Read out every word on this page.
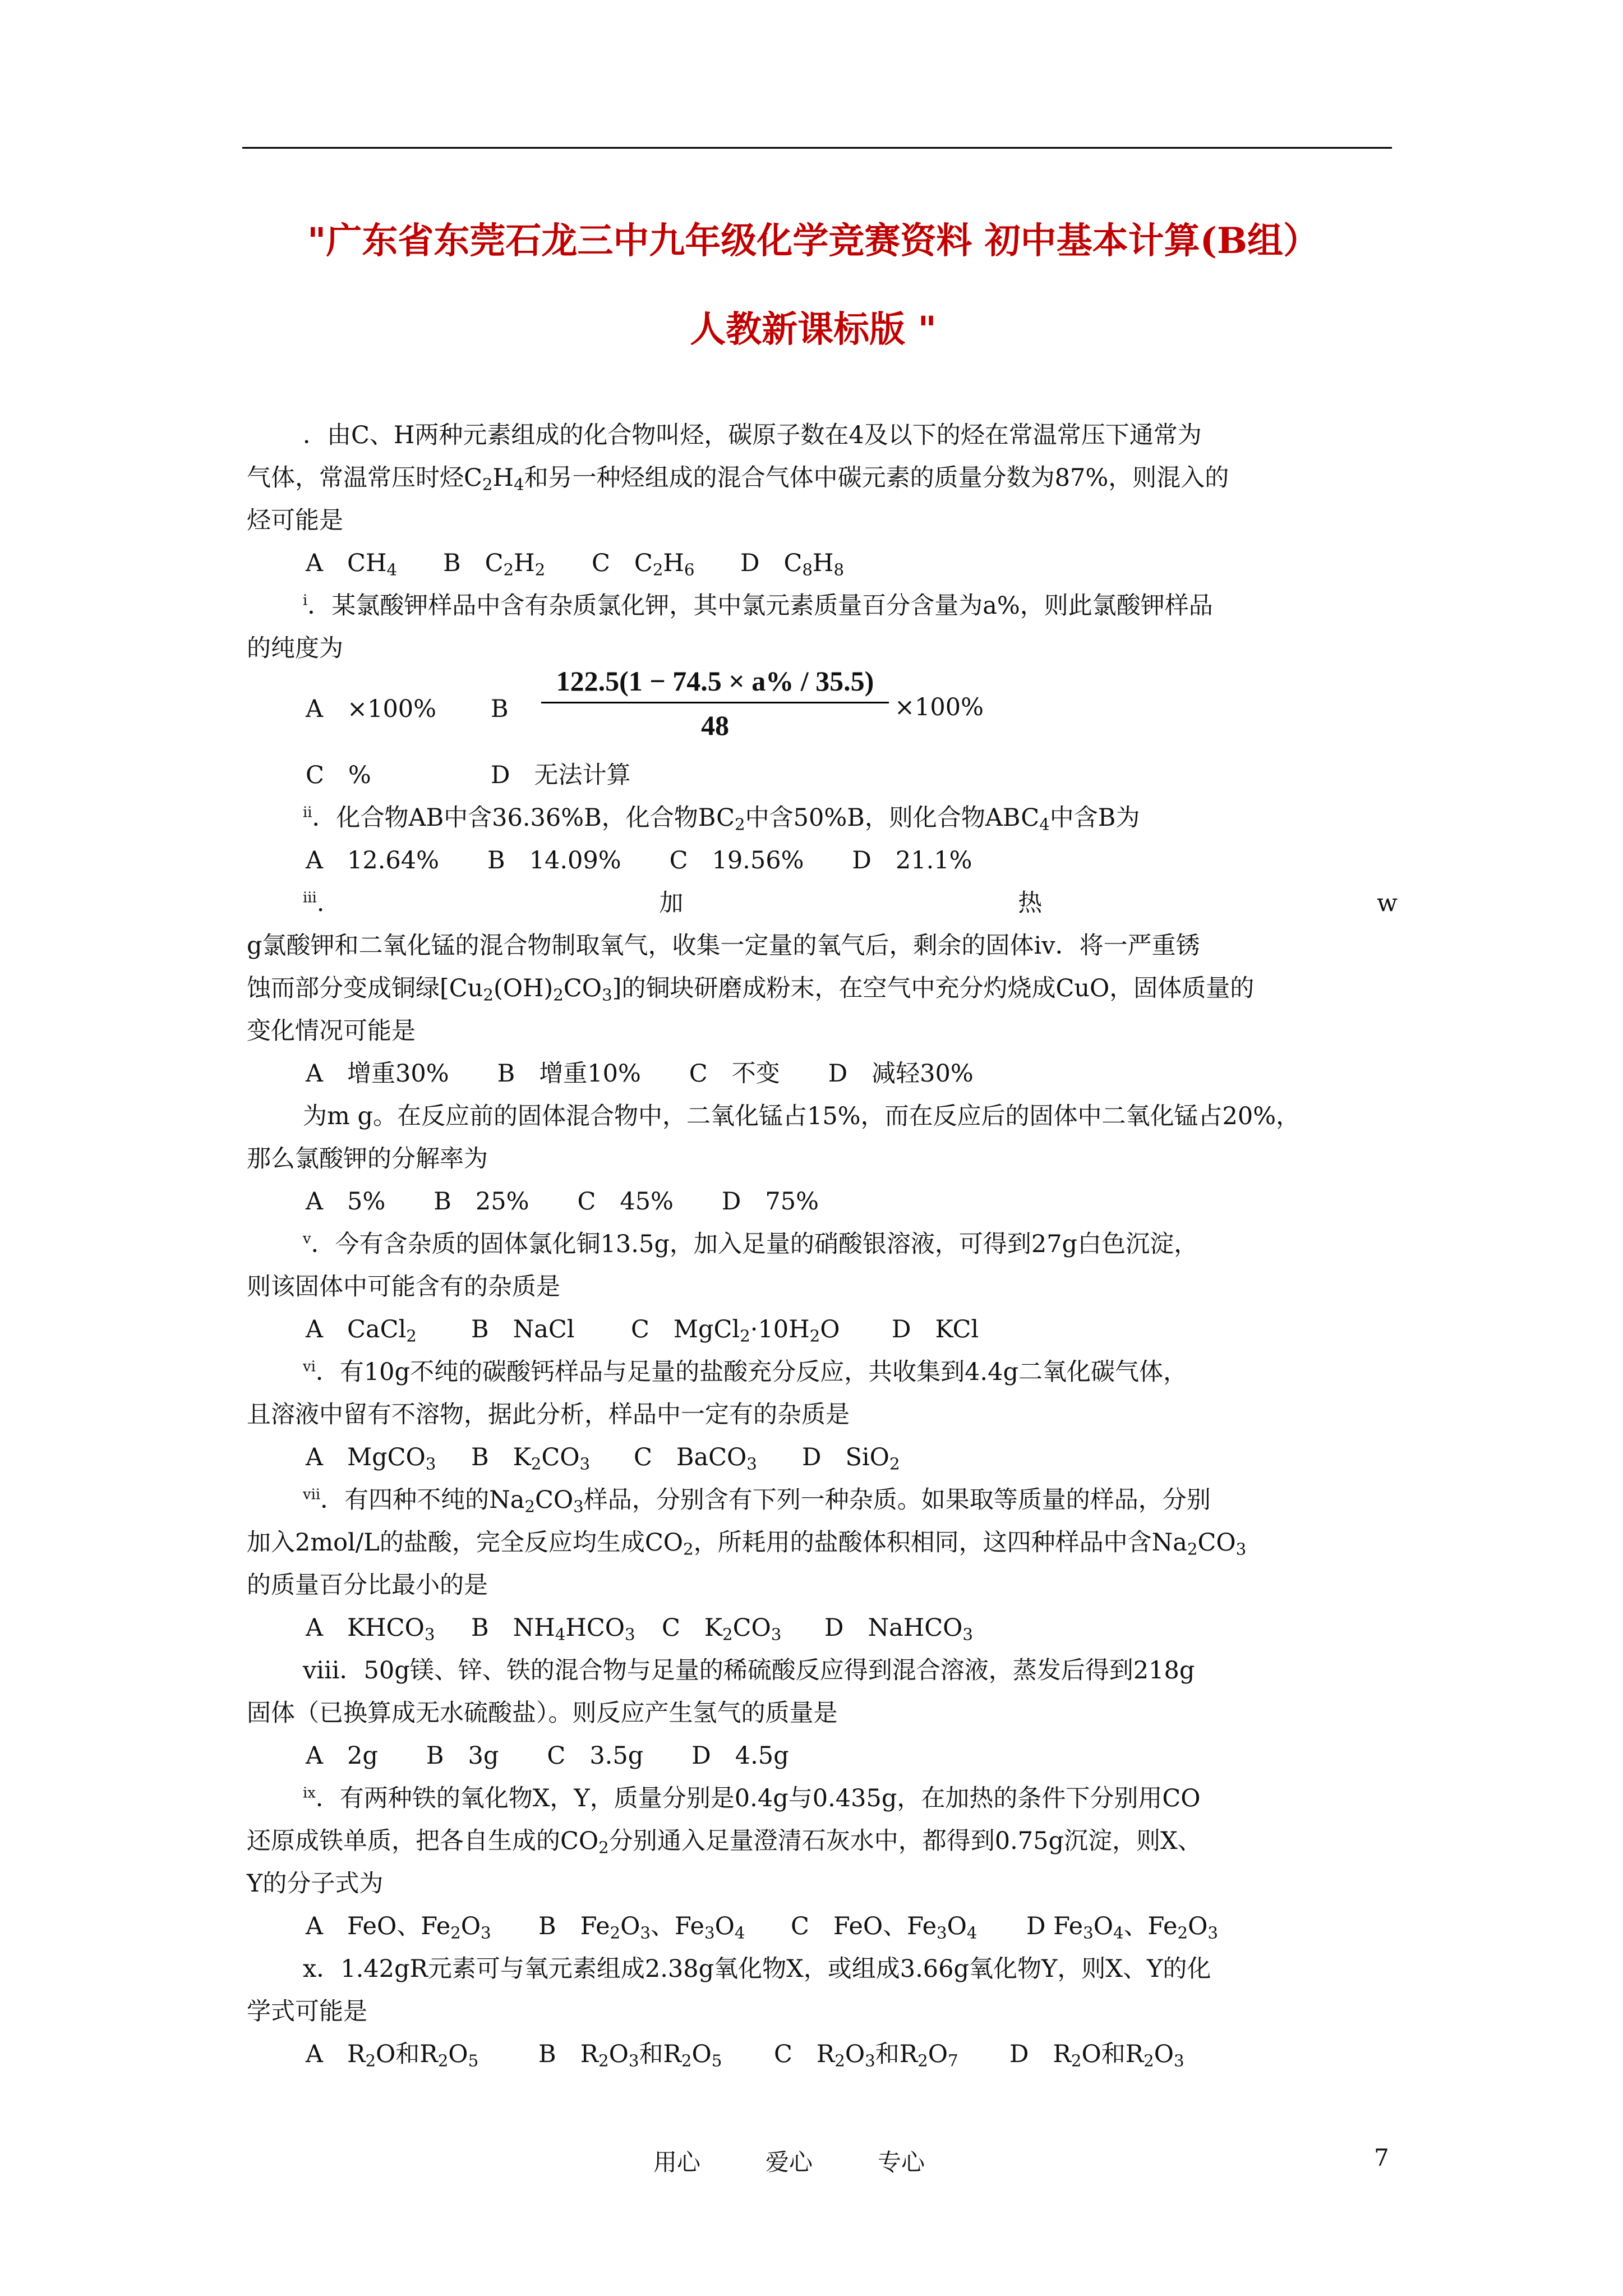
"广东省东莞石龙三中九年级化学竞赛资料 初中基本计算(B组）
人教新课标版 "
．由C、H两种元素组成的化合物叫烃，碳原子数在4及以下的烃在常温常压下通常为
气体，常温常压时烃$C_2H_4$和另一种烃组成的混合气体中碳元素的质量分数为87%，则混入的
烃可能是
A　$CH_4$ B　$C_2H_2$ C　$C_2H_6$ D　$C_8H_8$
$^i$．某氯酸钾样品中含有杂质氯化钾，其中氯元素质量百分含量为a%，则此氯酸钾样品
的纯度为
A　×100% B
122.5(1 − 74.5 × a% / 35.5)
48
×100%
C　%	D　无法计算
$^{ii}$．化合物AB中含36.36%B，化合物$BC_2$中含50%B，则化合物$ABC_4$中含B为
A　12.64%　　B　14.09%　　C　19.56%　　D　21.1%
$^{iii}$.	加	热	w
g氯酸钾和二氧化锰的混合物制取氧气，收集一定量的氧气后，剩余的固体iv．将一严重锈
蚀而部分变成铜绿$[Cu_2(OH)_2CO_3]$的铜块研磨成粉末，在空气中充分灼烧成CuO，固体质量的
变化情况可能是
A　增重30%　　B　增重10%　　C　不变　　D　减轻30%
为m g。在反应前的固体混合物中，二氧化锰占15%，而在反应后的固体中二氧化锰占20%，
那么氯酸钾的分解率为
A　5%　　B　25%　　C　45%　　D　75%
$^v$．今有含杂质的固体氯化铜13.5g，加入足量的硝酸银溶液，可得到27g白色沉淀，
则该固体中可能含有的杂质是
A　CaCl$_2$ B　NaCl C　$MgCl_2\cdot 10H_2O$ D　KCl
$^{vi}$．有10g不纯的碳酸钙样品与足量的盐酸充分反应，共收集到4.4g二氧化碳气体，
且溶液中留有不溶物，据此分析，样品中一定有的杂质是
A　MgCO$_3$ B　$K_2CO_3$ C　BaCO$_3$ D　SiO$_2$
$^{vii}$．有四种不纯的$Na_2CO_3$样品，分别含有下列一种杂质。如果取等质量的样品，分别
加入2mol/L的盐酸，完全反应均生成$CO_2$，所耗用的盐酸体积相同，这四种样品中含$Na_2CO_3$
的质量百分比最小的是
A　$KHCO_3$ B　$NH_4HCO_3$ C　$K_2CO_3$ D　NaHCO$_3$
viii．50g镁、锌、铁的混合物与足量的稀硫酸反应得到混合溶液，蒸发后得到218g
固体（已换算成无水硫酸盐）。则反应产生氢气的质量是
A　2g　　B　3g　　C　3.5g　　D　4.5g
$^{ix}$．有两种铁的氧化物X，Y，质量分别是0.4g与0.435g，在加热的条件下分别用CO
还原成铁单质，把各自生成的$CO_2$分别通入足量澄清石灰水中，都得到0.75g沉淀，则X、
Y的分子式为
A　FeO、$Fe_2O_3$ B　$Fe_2O_3$、$Fe_3O_4$ C　FeO、$Fe_3O_4$ D $Fe_3O_4$、$Fe_2O_3$
x．1.42gR元素可与氧元素组成2.38g氧化物X，或组成3.66g氧化物Y，则X、Y的化
学式可能是
A　$R_2O$和$R_2O_5$ B　$R_2O_3$和$R_2O_5$ C　$R_2O_3$和$R_2O_7$ D　$R_2O$和$R_2O_3$
用心	爱心	专心	7
